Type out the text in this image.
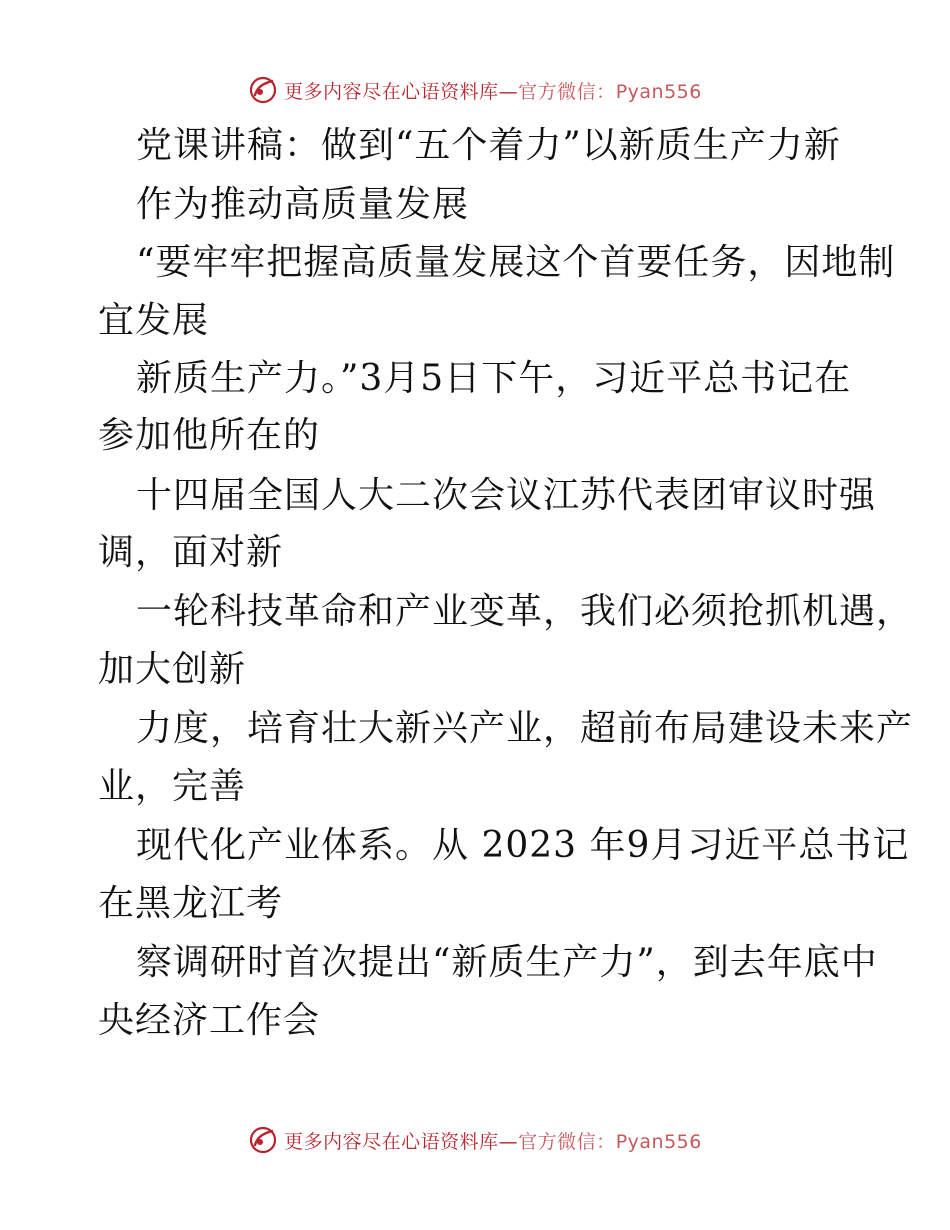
更多内容尽在心语资料库—官方微信：Pyan556
党课讲稿：做到“五个着力”以新质生产力新
作为推动高质量发展
“要牢牢把握高质量发展这个首要任务，因地制
宜发展
新质生产力。”3月5日下午，习近平总书记在
参加他所在的
十四届全国人大二次会议江苏代表团审议时强
调，面对新
一轮科技革命和产业变革，我们必须抢抓机遇，
加大创新
力度，培育壮大新兴产业，超前布局建设未来产
业，完善
现代化产业体系。从 2023 年9月习近平总书记
在黑龙江考
察调研时首次提出“新质生产力”，到去年底中
央经济工作会
更多内容尽在心语资料库—官方微信：Pyan556
